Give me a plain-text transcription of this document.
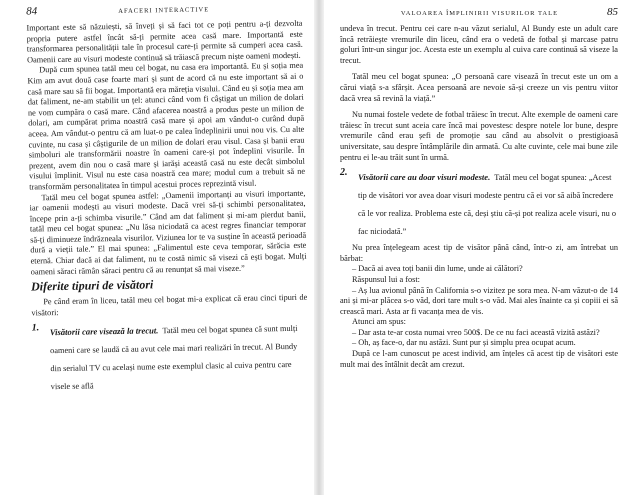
84	AFACERI INTERACTIVE

Important este să năzuiești, să înveți și să faci tot ce poți pentru a-ți dezvolta propria putere astfel încât să-ți permite acea casă mare. Importantă este transformarea personalității tale în procesul care-ți permite să cumperi acea casă. Oamenii care au visuri modeste continuă să trăiască precum niște oameni modești.

După cum spunea tatăl meu cel bogat, nu casa era importantă. Eu și soția mea Kim am avut două case foarte mari și sunt de acord că nu este important să ai o casă mare sau să fii bogat. Importantă era măreția visului. Când eu și soția mea am dat faliment, ne-am stabilit un țel: atunci când vom fi câștigat un milion de dolari ne vom cumpăra o casă mare. Când afacerea noastră a produs peste un milion de dolari, am cumpărat prima noastră casă mare și apoi am vândut-o curând după aceea. Am vândut-o pentru că am luat-o pe calea îndeplinirii unui nou vis. Cu alte cuvinte, nu casa și câștigurile de un milion de dolari erau visul. Casa și banii erau simboluri ale transformării noastre în oameni care-și pot îndeplini visurile. În prezent, avem din nou o casă mare și iarăși această casă nu este decât simbolul visului împlinit. Visul nu este casa noastră cea mare; modul cum a trebuit să ne transformăm personalitatea în timpul acestui proces reprezintă visul.

Tatăl meu cel bogat spunea astfel: „Oamenii importanți au visuri importante, iar oamenii modești au visuri modeste. Dacă vrei să-ți schimbi personalitatea, începe prin a-ți schimba visurile.” Când am dat faliment și mi-am pierdut banii, tatăl meu cel bogat spunea: „Nu lăsa niciodată ca acest regres financiar temporar să-ți diminueze îndrăzneala visurilor. Viziunea lor te va susține în această perioadă dură a vieții tale.” El mai spunea: „Falimentul este ceva temporar, sărăcia este eternă. Chiar dacă ai dat faliment, nu te costă nimic să visezi că ești bogat. Mulți oameni săraci rămân săraci pentru că au renunțat să mai viseze.”

Diferite tipuri de visători

Pe când eram în liceu, tatăl meu cel bogat mi-a explicat că erau cinci tipuri de visători:

1.	Visătorii care visează la trecut. Tatăl meu cel bogat spunea că sunt mulți oameni care se laudă că au avut cele mai mari realizări în trecut. Al Bundy din serialul TV cu același nume este exemplul clasic al cuiva pentru care visele se află

VALOAREA ÎMPLINIRII VISURILOR TALE	85

undeva în trecut. Pentru cei care n-au văzut serialul, Al Bundy este un adult care încă retrăiește vremurile din liceu, când era o vedetă de fotbal și marcase patru goluri într-un singur joc. Acesta este un exemplu al cuiva care continuă să viseze la trecut.

Tatăl meu cel bogat spunea: „O persoană care visează în trecut este un om a cărui viață s-a sfârșit. Acea persoană are nevoie să-și creeze un vis pentru viitor dacă vrea să revină la viață.”

Nu numai fostele vedete de fotbal trăiesc în trecut. Alte exemple de oameni care trăiesc în trecut sunt aceia care încă mai povestesc despre notele lor bune, despre vremurile când erau șefi de promoție sau când au absolvit o prestigioasă universitate, sau despre întâmplările din armată. Cu alte cuvinte, cele mai bune zile pentru ei le-au trăit sunt în urmă.

2.	Visătorii care au doar visuri modeste. Tatăl meu cel bogat spunea: „Acest tip de visători vor avea doar visuri modeste pentru că ei vor să aibă încredere că le vor realiza. Problema este că, deși știu că-și pot realiza acele visuri, nu o fac niciodată.”

Nu prea înțelegeam acest tip de visător până când, într-o zi, am întrebat un bărbat:

– Dacă ai avea toți banii din lume, unde ai călători?

Răspunsul lui a fost:

– Aș lua avionul până în California s-o vizitez pe sora mea. N-am văzut-o de 14 ani și mi-ar plăcea s-o văd, dori tare mult s-o văd. Mai ales înainte ca și copiii ei să crească mari. Asta ar fi vacanța mea de vis.

Atunci am spus:

– Dar asta te-ar costa numai vreo 500$. De ce nu faci această vizită astăzi?

– Oh, aș face-o, dar nu astăzi. Sunt pur și simplu prea ocupat acum.

După ce l-am cunoscut pe acest individ, am înțeles că acest tip de visători este mult mai des întâlnit decât am crezut.
